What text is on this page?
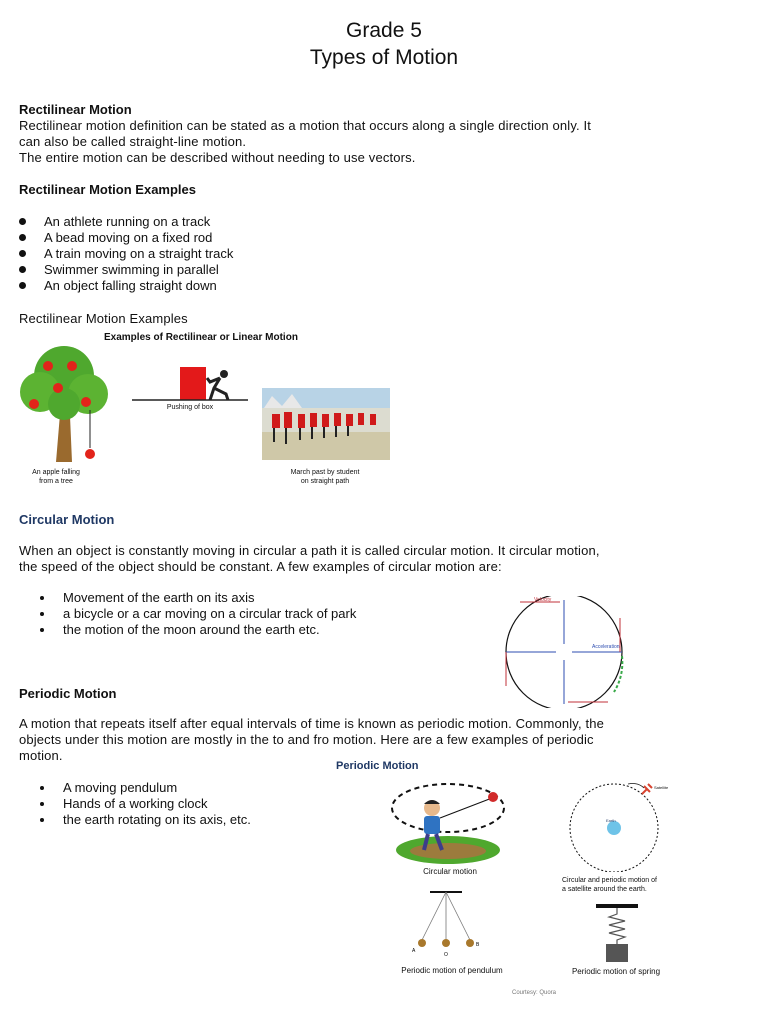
Grade 5
Types of Motion
Rectilinear Motion
Rectilinear motion definition can be stated as a motion that occurs along a single direction only. It
can also be called straight-line motion.
The entire motion can be described without needing to use vectors.
Rectilinear Motion Examples
An athlete running on a track
A bead moving on a fixed rod
A train moving on a straight track
Swimmer swimming in parallel
An object falling straight down
Rectilinear Motion Examples
Examples of Rectilinear or Linear Motion
An apple falling
from a tree
Pushing of box
March past by student
on straight path
Circular Motion
When an object is constantly moving in circular a path it is called circular motion. It circular motion,
the speed of the object should be constant. A few examples of circular motion are:
Movement of the earth on its axis
a bicycle or a car moving on a circular track of park
the motion of the moon around the earth etc.
Velocity
Acceleration
Periodic Motion
A motion that repeats itself after equal intervals of time is known as periodic motion. Commonly, the
objects under this motion are mostly in the to and fro motion. Here are a few examples of periodic
motion.
A moving pendulum
Hands of a working clock
the earth rotating on its axis, etc.
Periodic Motion
Circular motion
Earth
Satellite
Circular and periodic motion of
a satellite around the earth.
A
O
B
Periodic motion of pendulum	Periodic motion of spring
Courtesy: Quora
